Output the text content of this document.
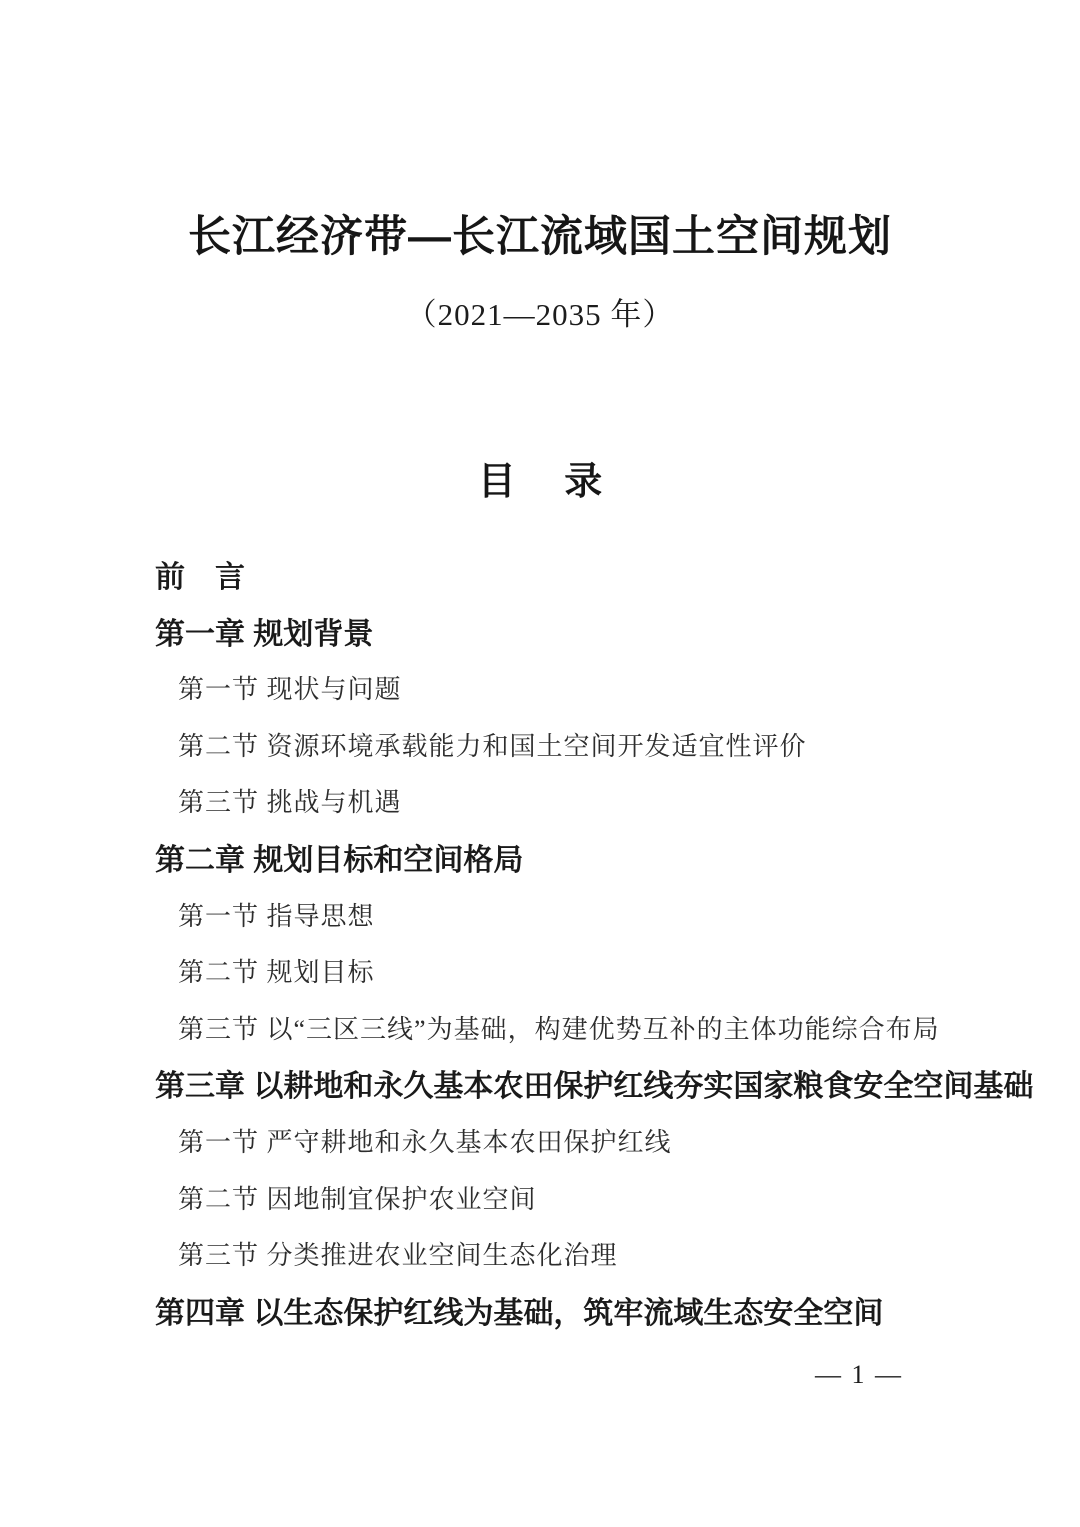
长江经济带—长江流域国土空间规划
（2021—2035 年）
目　 录
前　言
第一章 规划背景
第一节 现状与问题
第二节 资源环境承载能力和国土空间开发适宜性评价
第三节 挑战与机遇
第二章 规划目标和空间格局
第一节 指导思想
第二节 规划目标
第三节 以“三区三线”为基础，构建优势互补的主体功能综合布局
第三章 以耕地和永久基本农田保护红线夯实国家粮食安全空间基础
第一节 严守耕地和永久基本农田保护红线
第二节 因地制宜保护农业空间
第三节 分类推进农业空间生态化治理
第四章 以生态保护红线为基础，筑牢流域生态安全空间
— 1 —
